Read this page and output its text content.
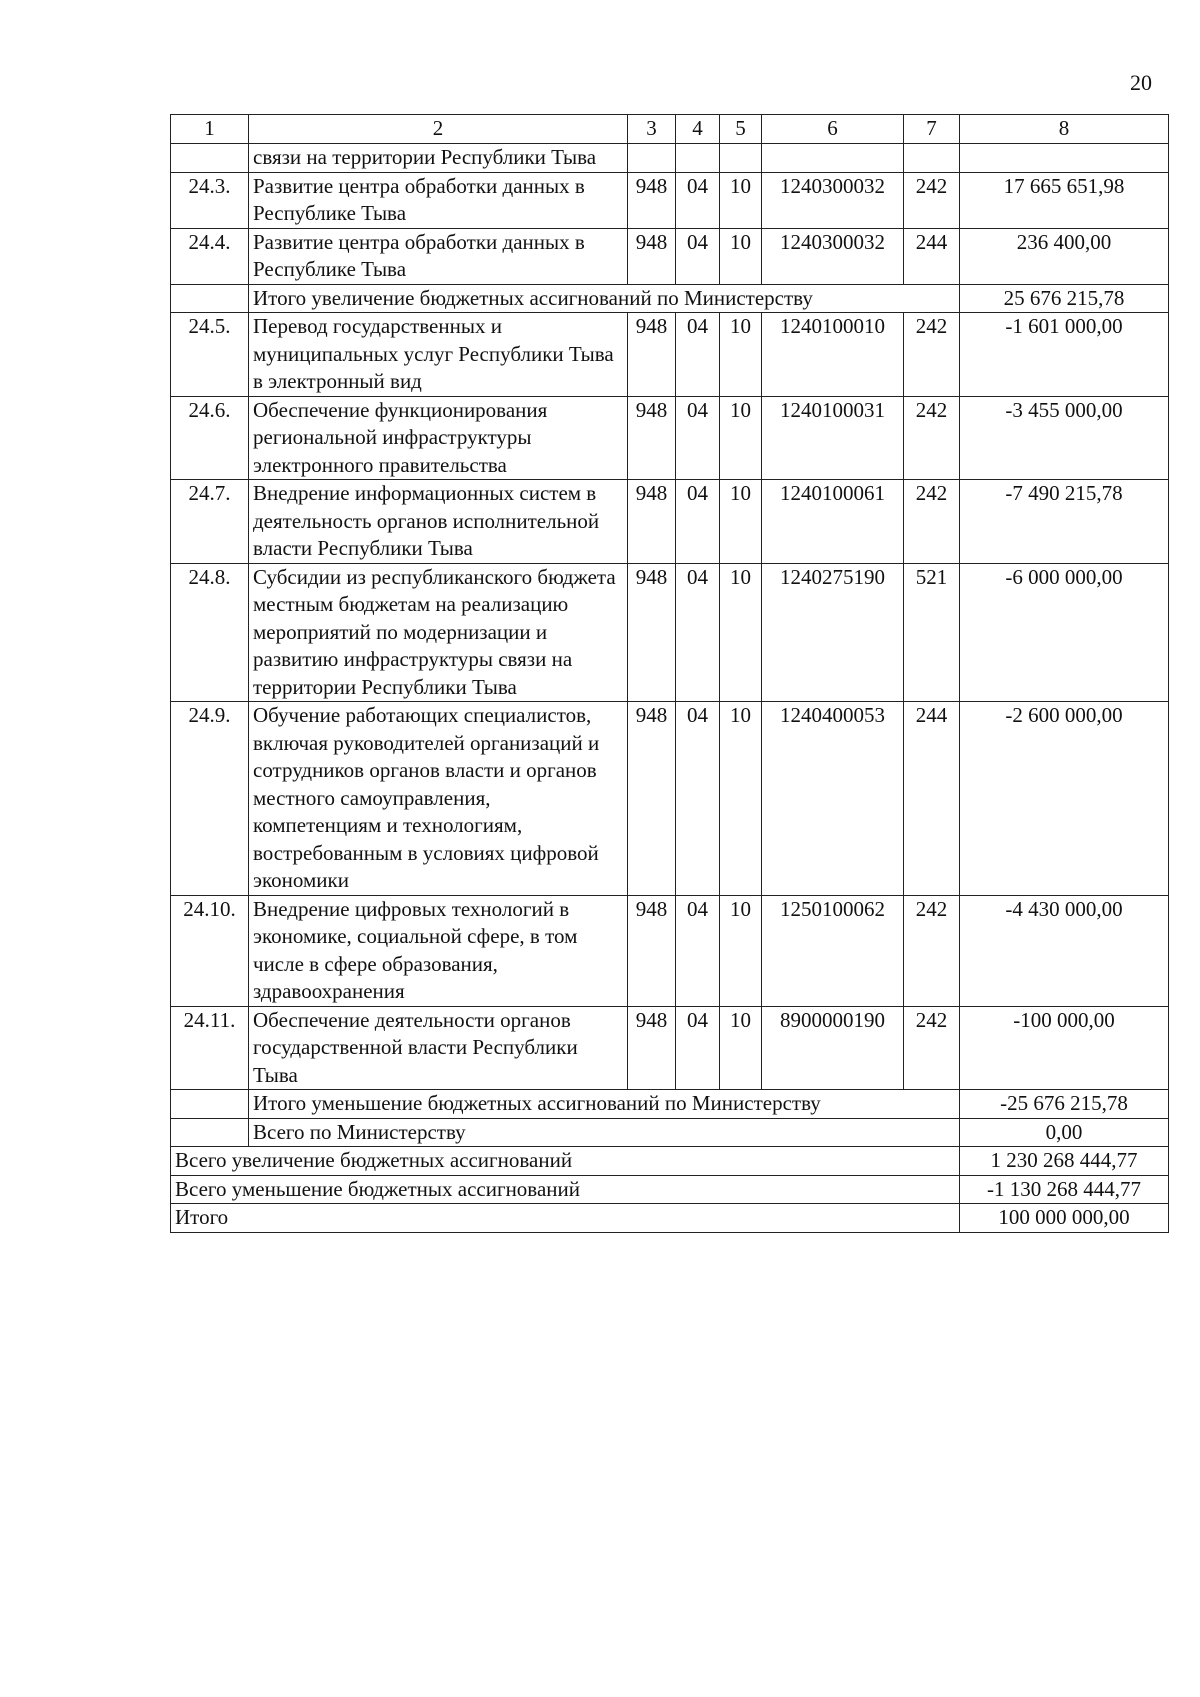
20
1	2	3	4	5	6	7	8
	связи на территории Республики Тыва						
24.3.	Развитие центра обработки данных в Республике Тыва	948	04	10	1240300032	242	17 665 651,98
24.4.	Развитие центра обработки данных в Республике Тыва	948	04	10	1240300032	244	236 400,00
	Итого увеличение бюджетных ассигнований по Министерству						25 676 215,78
24.5.	Перевод государственных и муниципальных услуг Республики Тыва в электронный вид	948	04	10	1240100010	242	-1 601 000,00
24.6.	Обеспечение функционирования региональной инфраструктуры электронного правительства	948	04	10	1240100031	242	-3 455 000,00
24.7.	Внедрение информационных систем в деятельность органов исполнительной власти Республики Тыва	948	04	10	1240100061	242	-7 490 215,78
24.8.	Субсидии из республиканского бюджета местным бюджетам на реализацию мероприятий по модернизации и развитию инфраструктуры связи на территории Республики Тыва	948	04	10	1240275190	521	-6 000 000,00
24.9.	Обучение работающих специалистов, включая руководителей организаций и сотрудников органов власти и органов местного самоуправления, компетенциям и технологиям, востребованным в условиях цифровой экономики	948	04	10	1240400053	244	-2 600 000,00
24.10.	Внедрение цифровых технологий в экономике, социальной сфере, в том числе в сфере образования, здравоохранения	948	04	10	1250100062	242	-4 430 000,00
24.11.	Обеспечение деятельности органов государственной власти Республики Тыва	948	04	10	8900000190	242	-100 000,00
	Итого уменьшение бюджетных ассигнований по Министерству						-25 676 215,78
	Всего по Министерству						0,00
Всего увеличение бюджетных ассигнований							1 230 268 444,77
Всего уменьшение бюджетных ассигнований							-1 130 268 444,77
Итого							100 000 000,00
